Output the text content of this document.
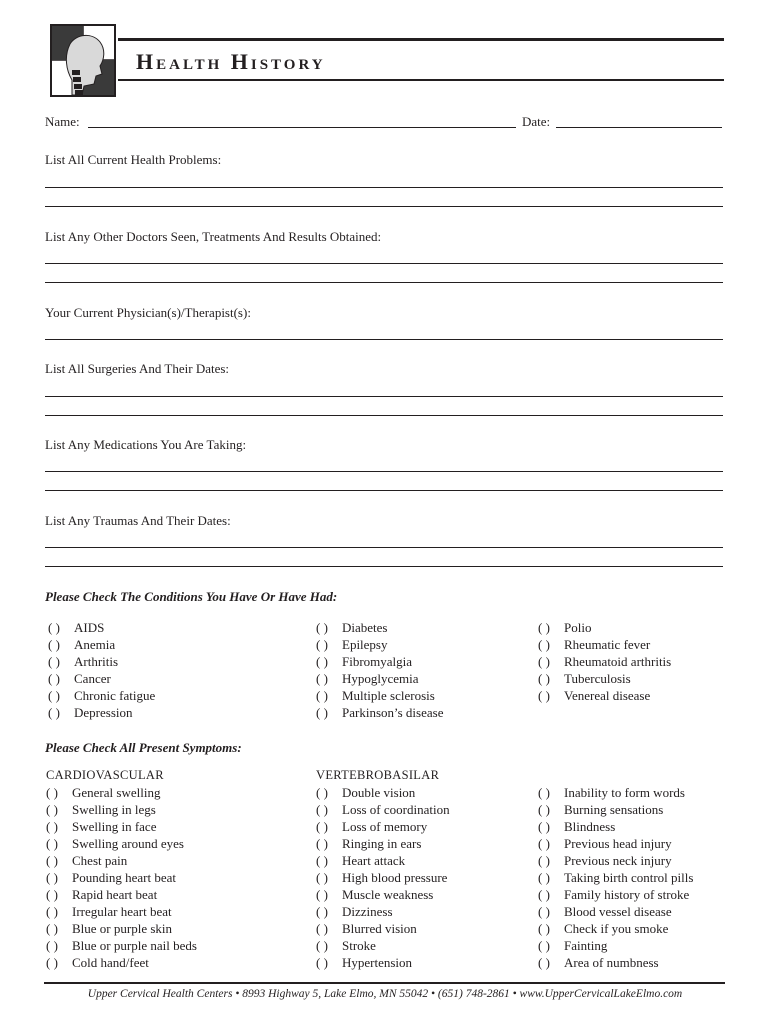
Health History
Name:	Date:
List All Current Health Problems:
List Any Other Doctors Seen, Treatments And Results Obtained:
Your Current Physician(s)/Therapist(s):
List All Surgeries And Their Dates:
List Any Medications You Are Taking:
List Any Traumas And Their Dates:
Please Check The Conditions You Have Or Have Had:
( ) AIDS
( ) Anemia
( ) Arthritis
( ) Cancer
( ) Chronic fatigue
( ) Depression
( ) Diabetes
( ) Epilepsy
( ) Fibromyalgia
( ) Hypoglycemia
( ) Multiple sclerosis
( ) Parkinson’s disease
( ) Polio
( ) Rheumatic fever
( ) Rheumatoid arthritis
( ) Tuberculosis
( ) Venereal disease
Please Check All Present Symptoms:
CARDIOVASCULAR
( ) General swelling
( ) Swelling in legs
( ) Swelling in face
( ) Swelling around eyes
( ) Chest pain
( ) Pounding heart beat
( ) Rapid heart beat
( ) Irregular heart beat
( ) Blue or purple skin
( ) Blue or purple nail beds
( ) Cold hand/feet
VERTEBROBASILAR
( ) Double vision
( ) Loss of coordination
( ) Loss of memory
( ) Ringing in ears
( ) Heart attack
( ) High blood pressure
( ) Muscle weakness
( ) Dizziness
( ) Blurred vision
( ) Stroke
( ) Hypertension
( ) Inability to form words
( ) Burning sensations
( ) Blindness
( ) Previous head injury
( ) Previous neck injury
( ) Taking birth control pills
( ) Family history of stroke
( ) Blood vessel disease
( ) Check if you smoke
( ) Fainting
( ) Area of numbness
Upper Cervical Health Centers • 8993 Highway 5, Lake Elmo, MN 55042 • (651) 748-2861 • www.UpperCervicalLakeElmo.com
